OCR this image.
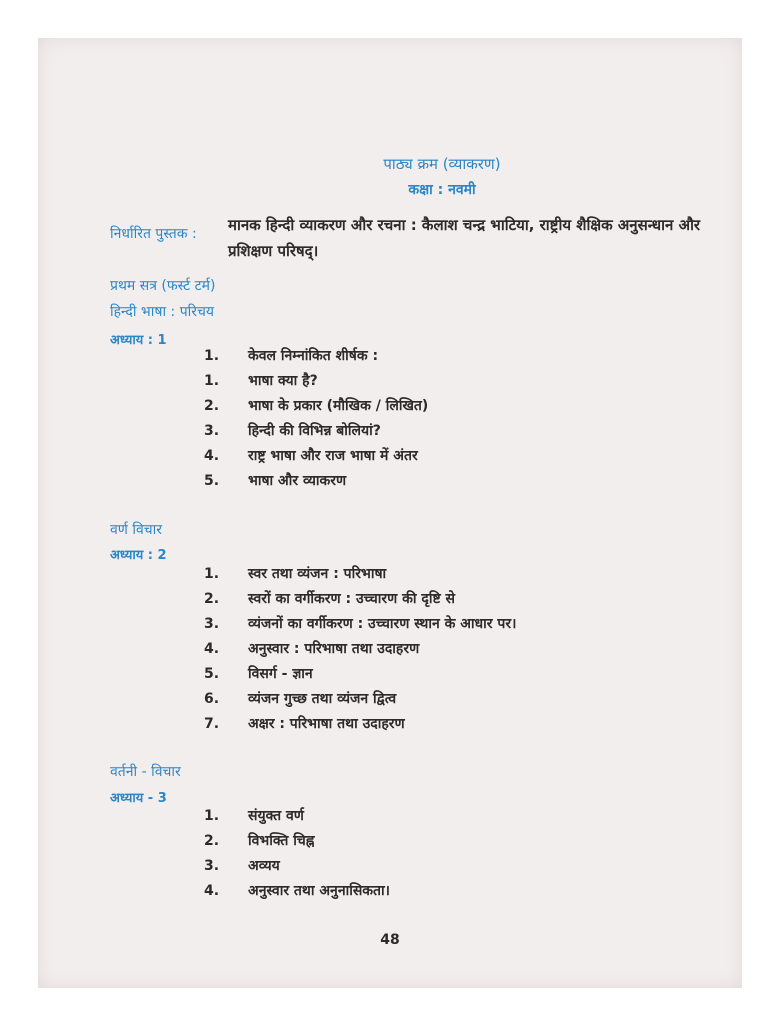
पाठ्य क्रम (व्याकरण)
कक्षा : नवमी
निर्धारित पुस्तक : मानक हिन्दी व्याकरण और रचना : कैलाश चन्द्र भाटिया, राष्ट्रीय शैक्षिक अनुसन्धान और प्रशिक्षण परिषद्।
प्रथम सत्र (फर्स्ट टर्म)
हिन्दी भाषा : परिचय
अध्याय : 1
1. केवल निम्नांकित शीर्षक :
1. भाषा क्या है?
2. भाषा के प्रकार (मौखिक / लिखित)
3. हिन्दी की विभिन्न बोलियां?
4. राष्ट्र भाषा और राज भाषा में अंतर
5. भाषा और व्याकरण
वर्ण विचार
अध्याय : 2
1. स्वर तथा व्यंजन : परिभाषा
2. स्वरों का वर्गीकरण : उच्चारण की दृष्टि से
3. व्यंजनों का वर्गीकरण : उच्चारण स्थान के आधार पर।
4. अनुस्वार : परिभाषा तथा उदाहरण
5. विसर्ग - ज्ञान
6. व्यंजन गुच्छ तथा व्यंजन द्वित्व
7. अक्षर : परिभाषा तथा उदाहरण
वर्तनी - विचार
अध्याय - 3
1. संयुक्त वर्ण
2. विभक्ति चिह्न
3. अव्यय
4. अनुस्वार तथा अनुनासिकता।
48
